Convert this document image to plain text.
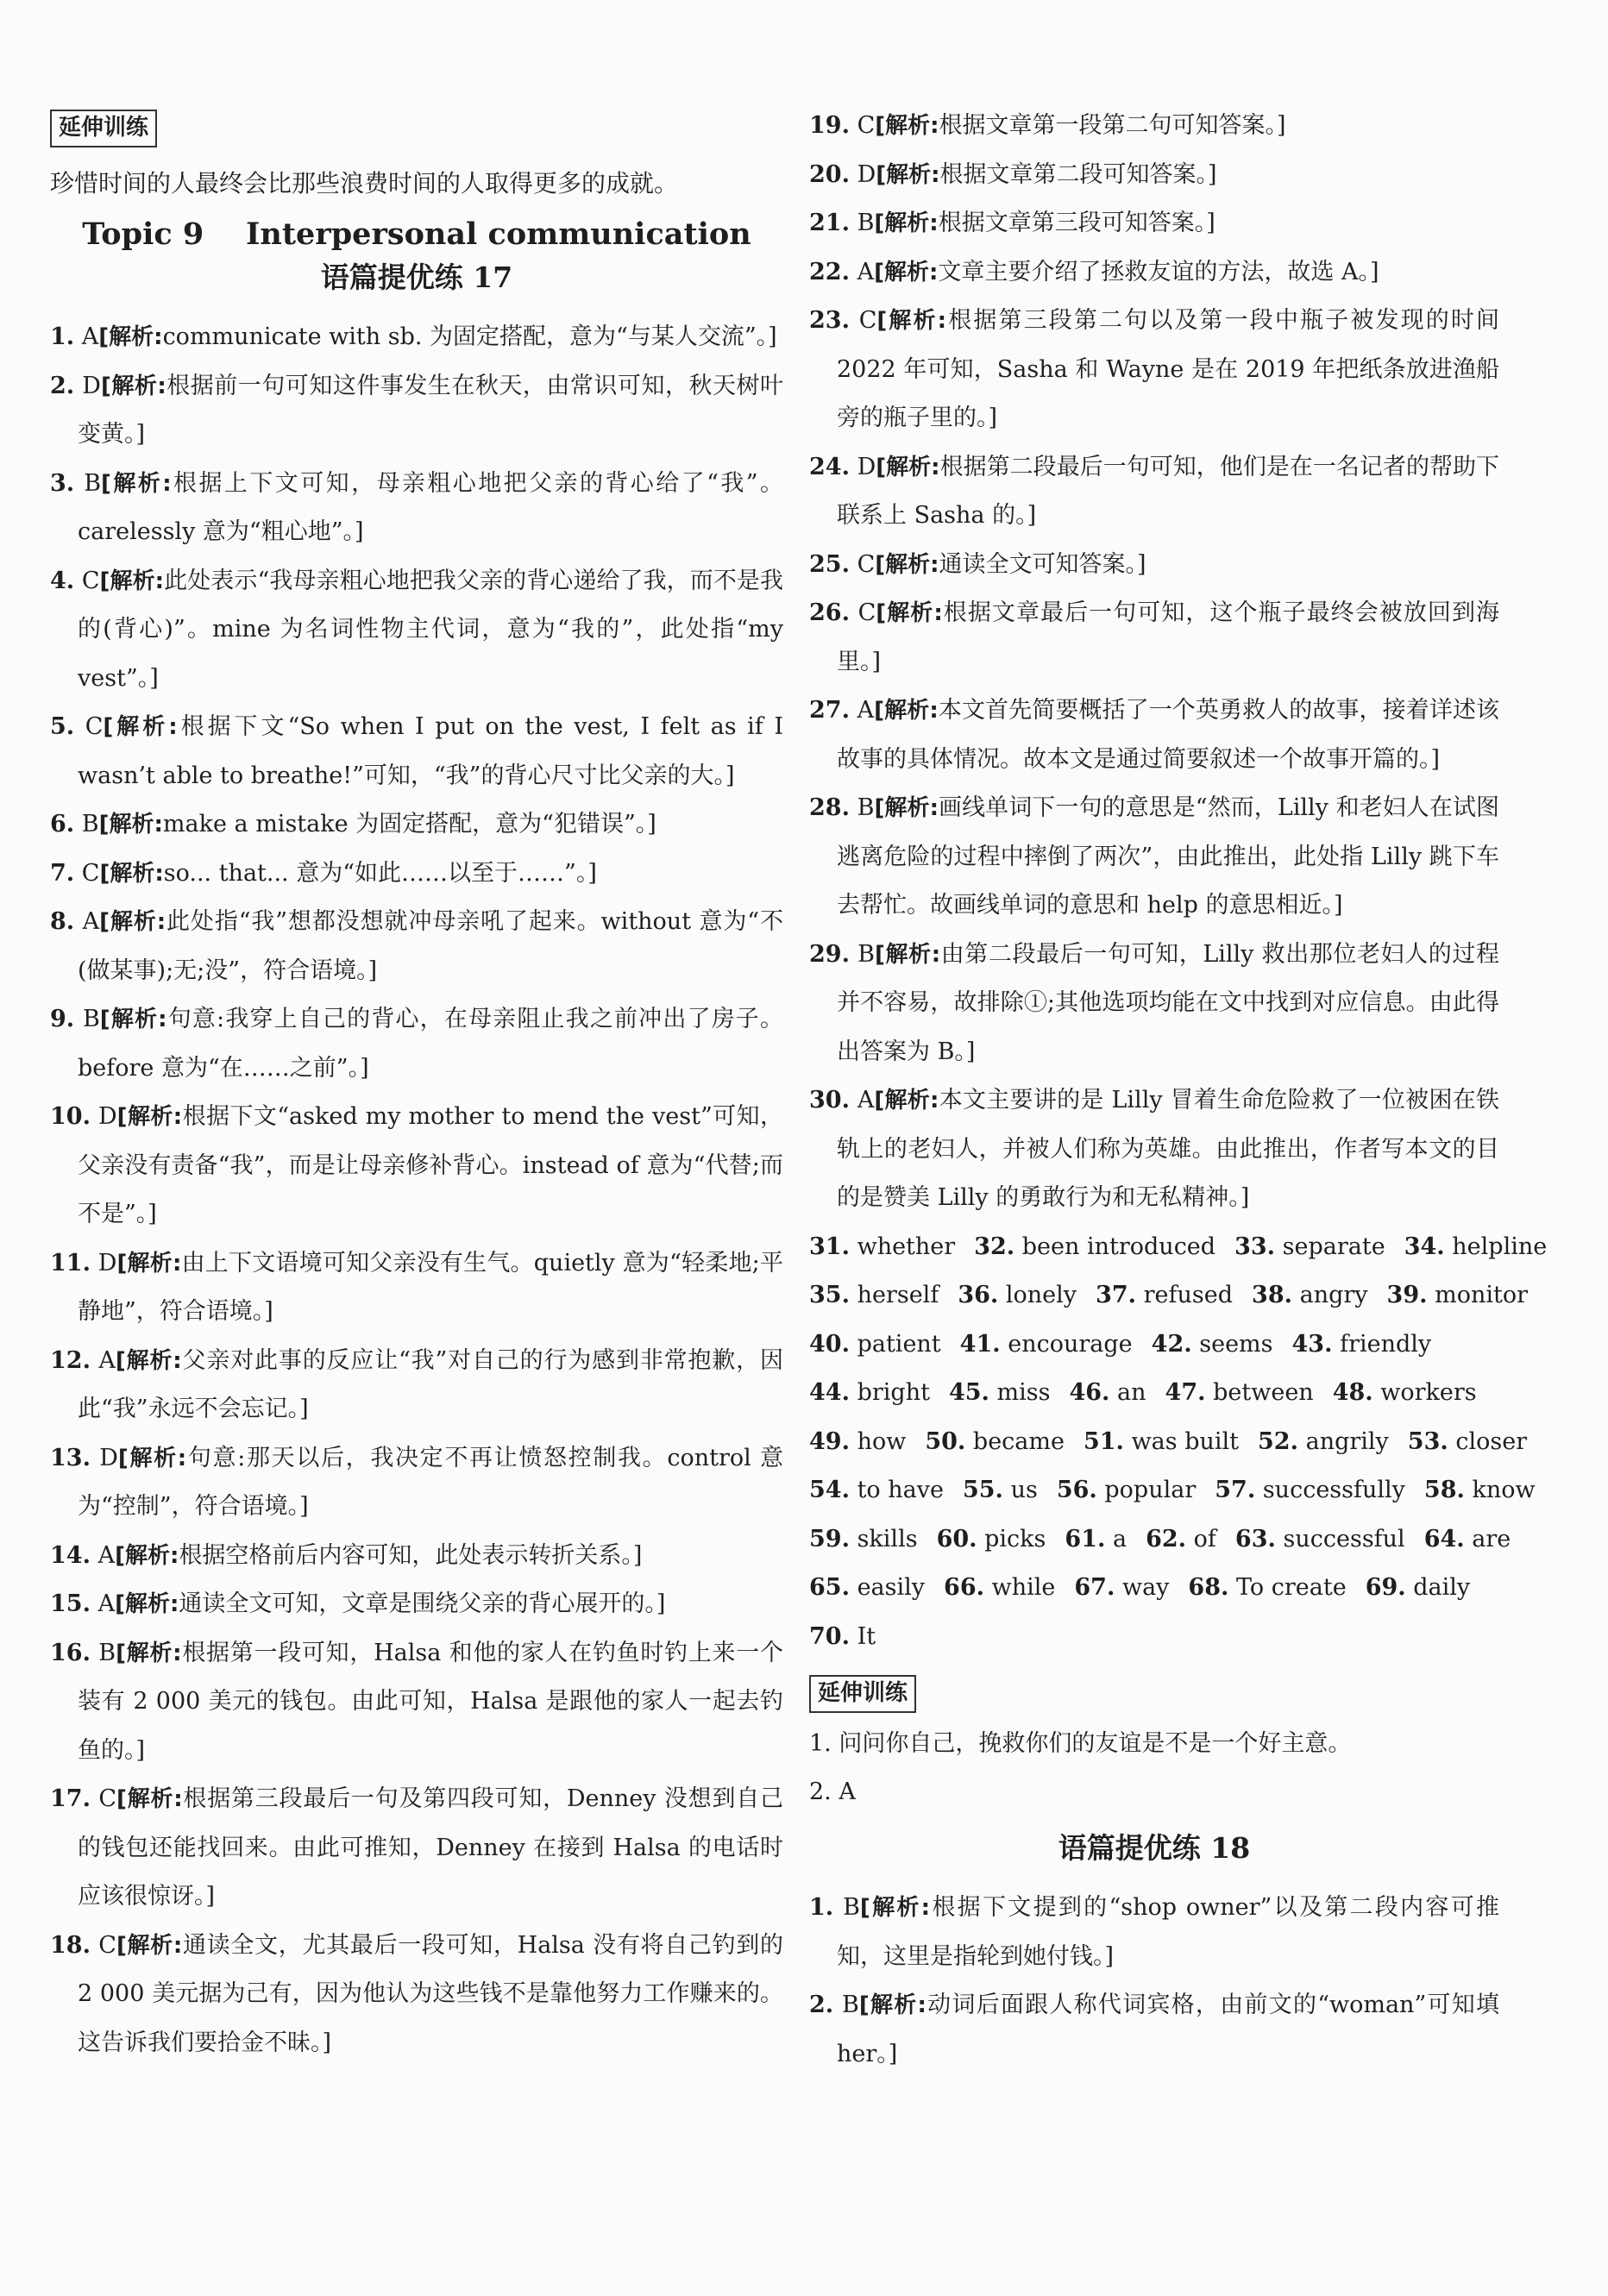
延伸训练
珍惜时间的人最终会比那些浪费时间的人取得更多的成就。
Topic 9    Interpersonal communication
语篇提优练 17
1. A[解析:communicate with sb. 为固定搭配，意为“与某人交流”。]
2. D[解析:根据前一句可知这件事发生在秋天，由常识可知，秋天树叶变黄。]
3. B[解析:根据上下文可知，母亲粗心地把父亲的背心给了“我”。carelessly 意为“粗心地”。]
4. C[解析:此处表示“我母亲粗心地把我父亲的背心递给了我，而不是我的(背心)”。mine 为名词性物主代词，意为“我的”，此处指“my vest”。]
5. C[解析:根据下文“So when I put on the vest, I felt as if I wasn’t able to breathe!”可知，“我”的背心尺寸比父亲的大。]
6. B[解析:make a mistake 为固定搭配，意为“犯错误”。]
7. C[解析:so... that... 意为“如此……以至于……”。]
8. A[解析:此处指“我”想都没想就冲母亲吼了起来。without 意为“不(做某事);无;没”，符合语境。]
9. B[解析:句意:我穿上自己的背心，在母亲阻止我之前冲出了房子。before 意为“在……之前”。]
10. D[解析:根据下文“asked my mother to mend the vest”可知，父亲没有责备“我”，而是让母亲修补背心。instead of 意为“代替;而不是”。]
11. D[解析:由上下文语境可知父亲没有生气。quietly 意为“轻柔地;平静地”，符合语境。]
12. A[解析:父亲对此事的反应让“我”对自己的行为感到非常抱歉，因此“我”永远不会忘记。]
13. D[解析:句意:那天以后，我决定不再让愤怒控制我。control 意为“控制”，符合语境。]
14. A[解析:根据空格前后内容可知，此处表示转折关系。]
15. A[解析:通读全文可知，文章是围绕父亲的背心展开的。]
16. B[解析:根据第一段可知，Halsa 和他的家人在钓鱼时钓上来一个装有 2 000 美元的钱包。由此可知，Halsa 是跟他的家人一起去钓鱼的。]
17. C[解析:根据第三段最后一句及第四段可知，Denney 没想到自己的钱包还能找回来。由此可推知，Denney 在接到 Halsa 的电话时应该很惊讶。]
18. C[解析:通读全文，尤其最后一段可知，Halsa 没有将自己钓到的 2 000 美元据为己有，因为他认为这些钱不是靠他努力工作赚来的。这告诉我们要拾金不昧。]
19. C[解析:根据文章第一段第二句可知答案。]
20. D[解析:根据文章第二段可知答案。]
21. B[解析:根据文章第三段可知答案。]
22. A[解析:文章主要介绍了拯救友谊的方法，故选 A。]
23. C[解析:根据第三段第二句以及第一段中瓶子被发现的时间 2022 年可知，Sasha 和 Wayne 是在 2019 年把纸条放进渔船旁的瓶子里的。]
24. D[解析:根据第二段最后一句可知，他们是在一名记者的帮助下联系上 Sasha 的。]
25. C[解析:通读全文可知答案。]
26. C[解析:根据文章最后一句可知，这个瓶子最终会被放回到海里。]
27. A[解析:本文首先简要概括了一个英勇救人的故事，接着详述该故事的具体情况。故本文是通过简要叙述一个故事开篇的。]
28. B[解析:画线单词下一句的意思是“然而，Lilly 和老妇人在试图逃离危险的过程中摔倒了两次”，由此推出，此处指 Lilly 跳下车去帮忙。故画线单词的意思和 help 的意思相近。]
29. B[解析:由第二段最后一句可知，Lilly 救出那位老妇人的过程并不容易，故排除①;其他选项均能在文中找到对应信息。由此得出答案为 B。]
30. A[解析:本文主要讲的是 Lilly 冒着生命危险救了一位被困在铁轨上的老妇人，并被人们称为英雄。由此推出，作者写本文的目的是赞美 Lilly 的勇敢行为和无私精神。]
31. whether 32. been introduced 33. separate 34. helpline
35. herself 36. lonely 37. refused 38. angry 39. monitor
40. patient 41. encourage 42. seems 43. friendly
44. bright 45. miss 46. an 47. between 48. workers
49. how 50. became 51. was built 52. angrily 53. closer
54. to have 55. us 56. popular 57. successfully 58. know
59. skills 60. picks 61. a 62. of 63. successful 64. are
65. easily 66. while 67. way 68. To create 69. daily
70. It
延伸训练
1. 问问你自己，挽救你们的友谊是不是一个好主意。
2. A
语篇提优练 18
1. B[解析:根据下文提到的“shop owner”以及第二段内容可推知，这里是指轮到她付钱。]
2. B[解析:动词后面跟人称代词宾格，由前文的“woman”可知填 her。]
